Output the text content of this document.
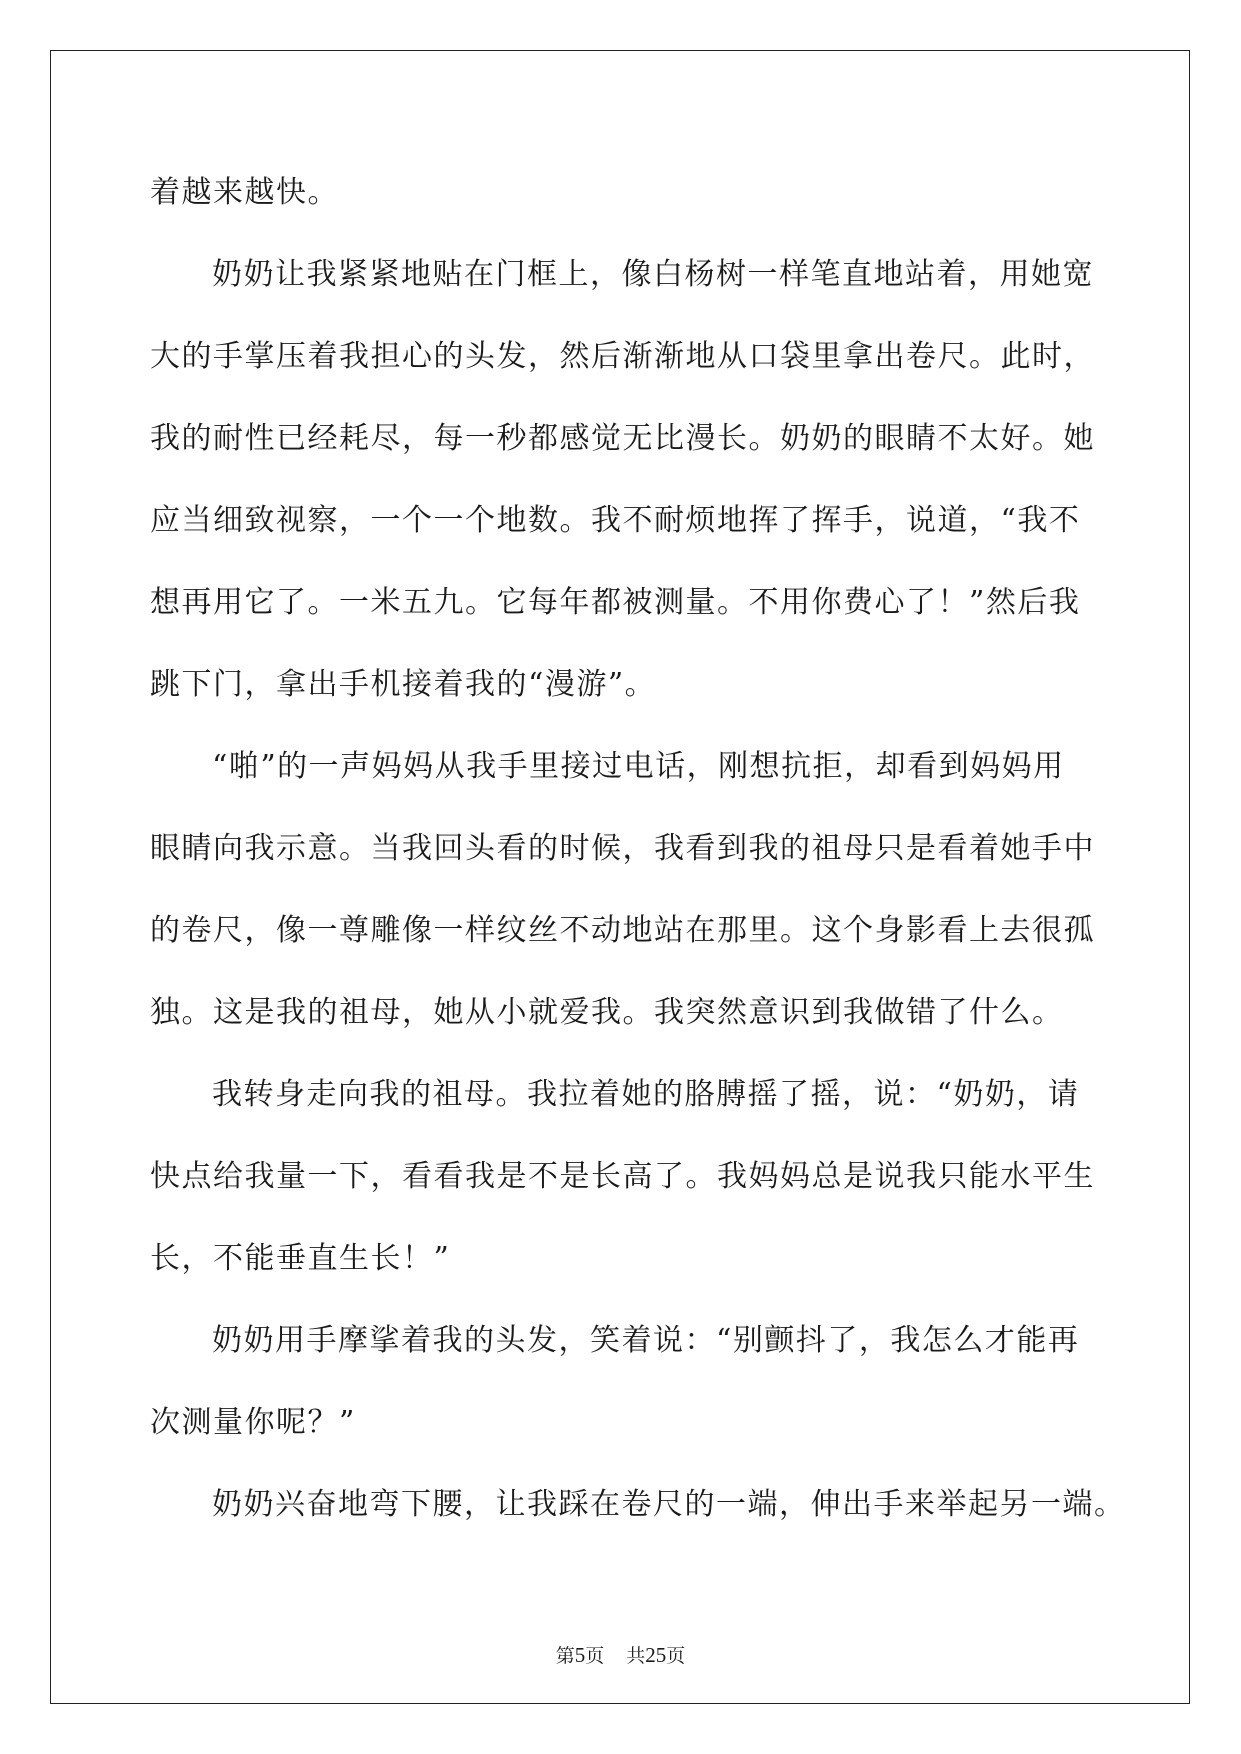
着越来越快。
奶奶让我紧紧地贴在门框上，像白杨树一样笔直地站着，用她宽
大的手掌压着我担心的头发，然后渐渐地从口袋里拿出卷尺。此时，
我的耐性已经耗尽，每一秒都感觉无比漫长。奶奶的眼睛不太好。她
应当细致视察，一个一个地数。我不耐烦地挥了挥手，说道，“我不
想再用它了。一米五九。它每年都被测量。不用你费心了！”然后我
跳下门，拿出手机接着我的“漫游”。
“啪”的一声妈妈从我手里接过电话，刚想抗拒，却看到妈妈用
眼睛向我示意。当我回头看的时候，我看到我的祖母只是看着她手中
的卷尺，像一尊雕像一样纹丝不动地站在那里。这个身影看上去很孤
独。这是我的祖母，她从小就爱我。我突然意识到我做错了什么。
我转身走向我的祖母。我拉着她的胳膊摇了摇，说：“奶奶，请
快点给我量一下，看看我是不是长高了。我妈妈总是说我只能水平生
长，不能垂直生长！”
奶奶用手摩挲着我的头发，笑着说：“别颤抖了，我怎么才能再
次测量你呢？”
奶奶兴奋地弯下腰，让我踩在卷尺的一端，伸出手来举起另一端。
第5页 共25页
